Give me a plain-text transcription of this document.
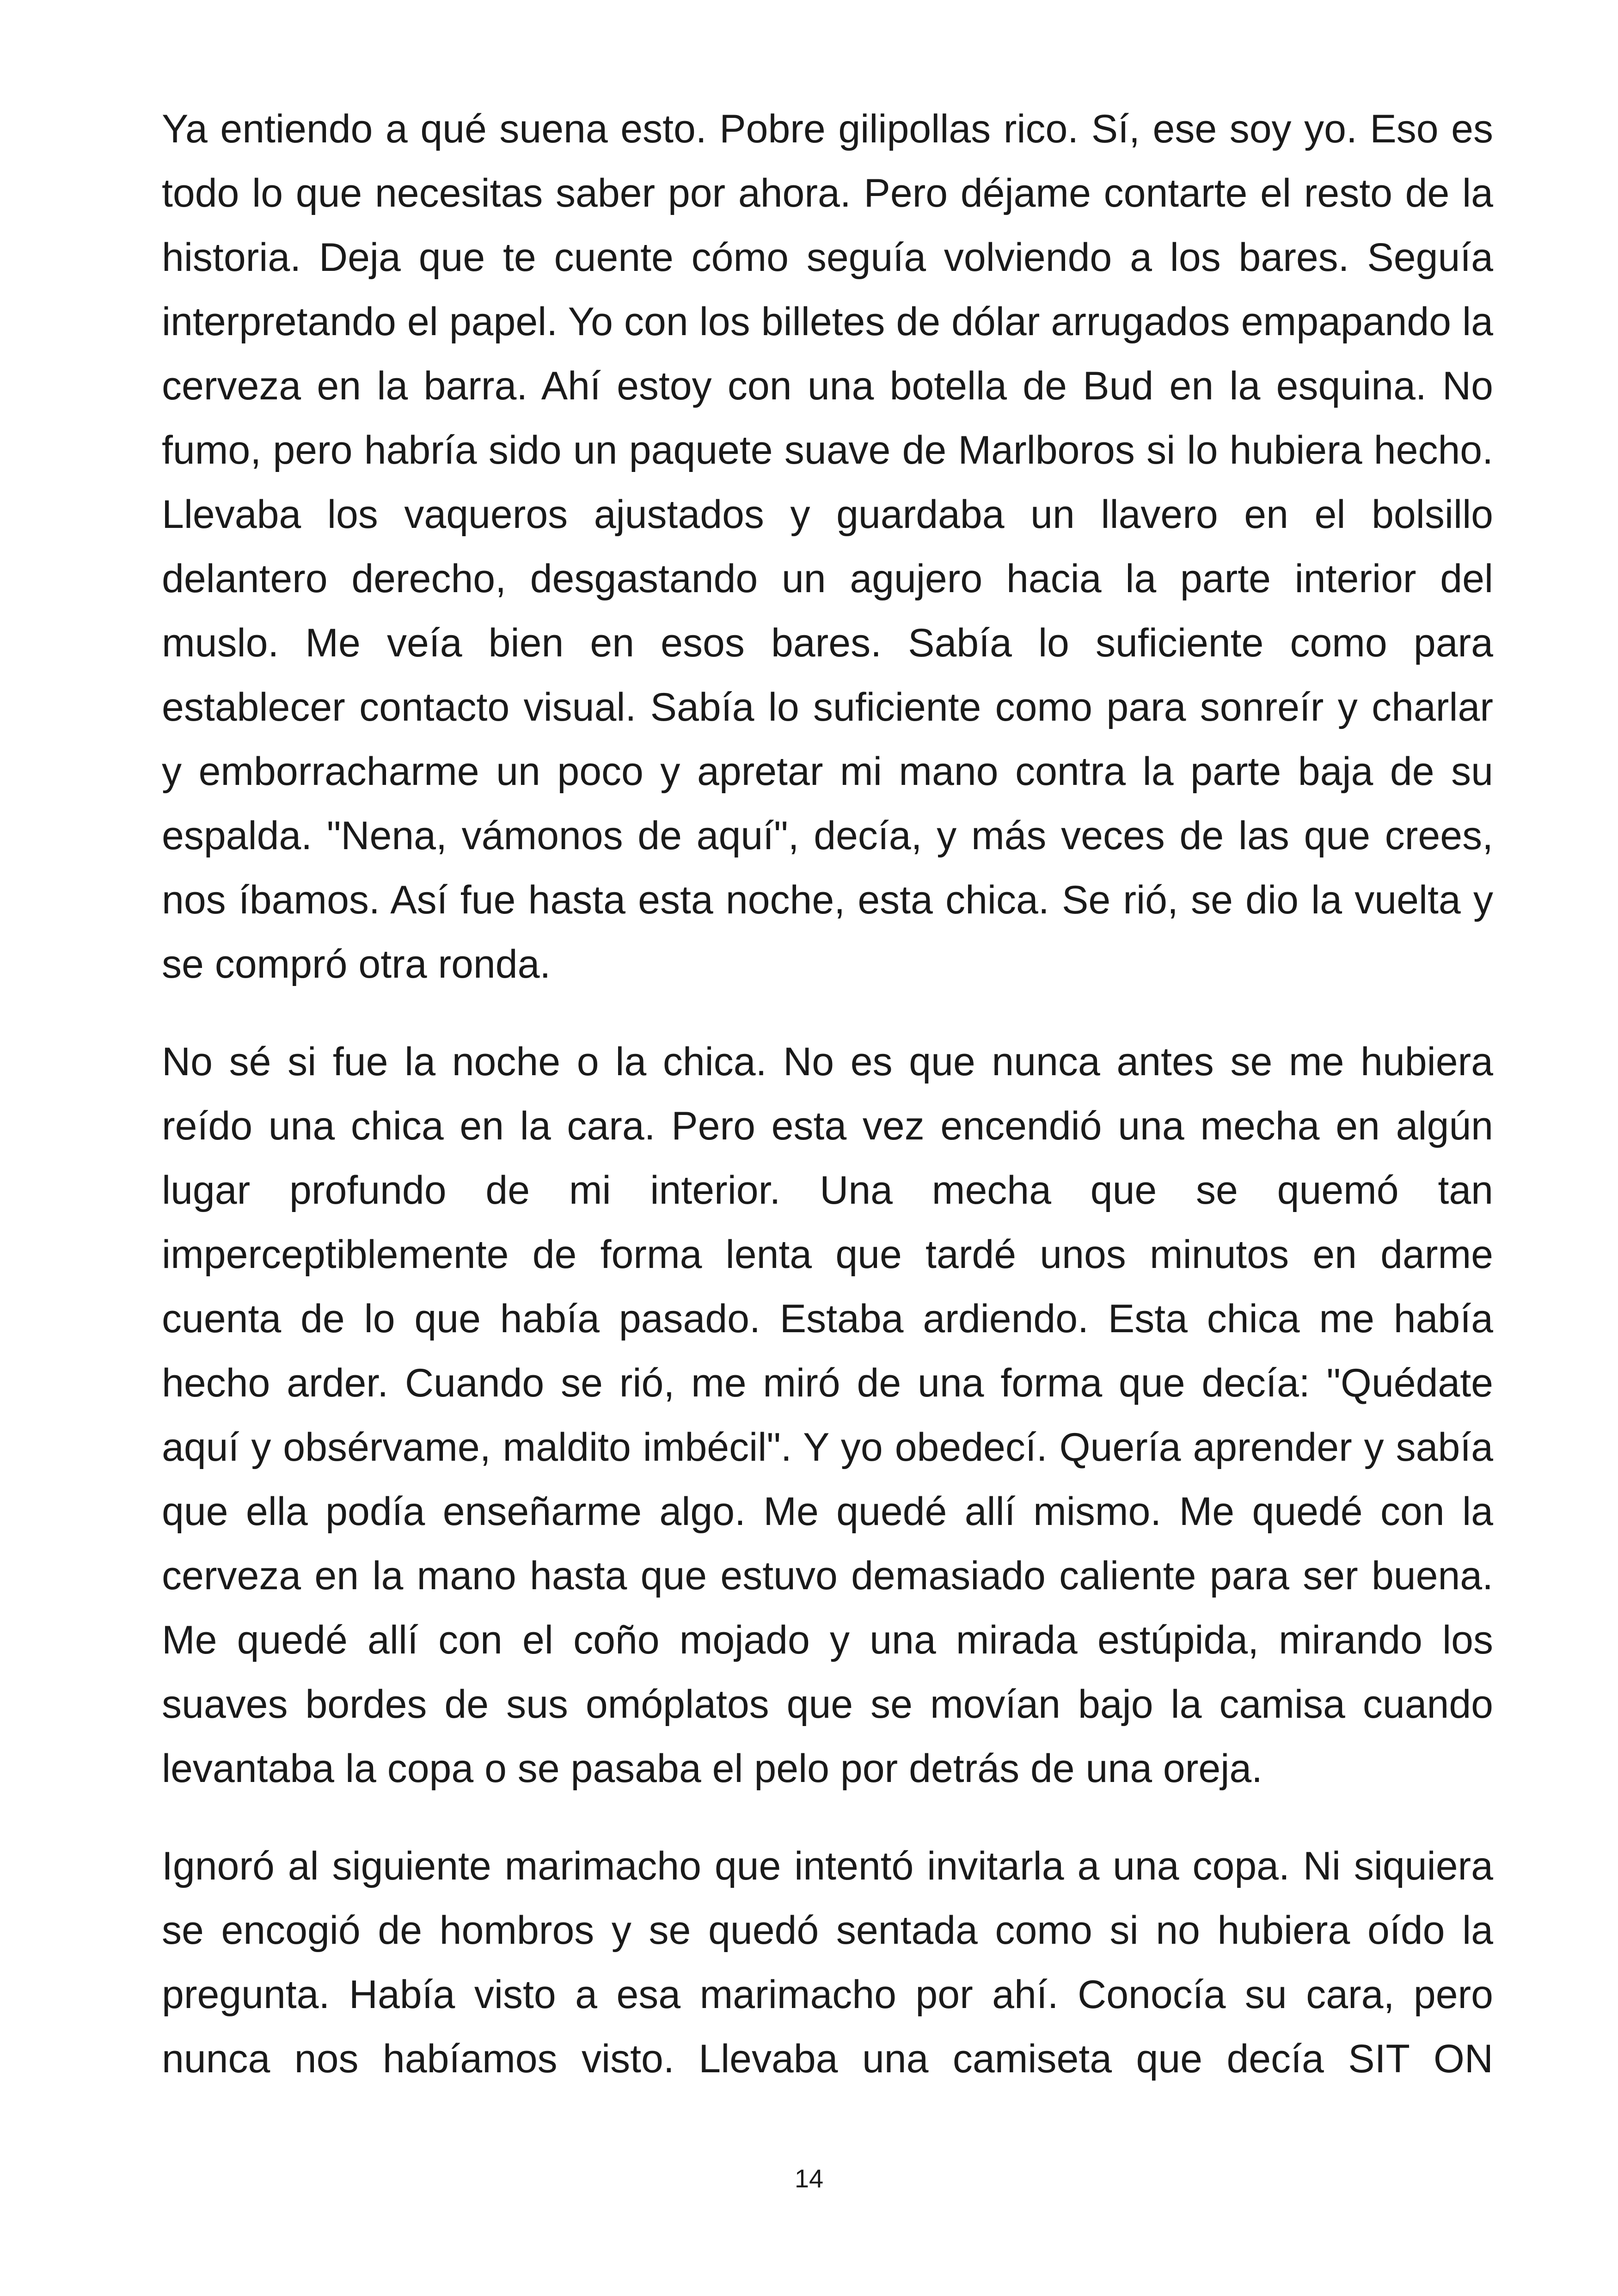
Ya entiendo a qué suena esto. Pobre gilipollas rico. Sí, ese soy yo. Eso es todo lo que necesitas saber por ahora. Pero déjame contarte el resto de la historia. Deja que te cuente cómo seguía volviendo a los bares. Seguía interpretando el papel. Yo con los billetes de dólar arrugados empapando la cerveza en la barra. Ahí estoy con una botella de Bud en la esquina. No fumo, pero habría sido un paquete suave de Marlboros si lo hubiera hecho. Llevaba los vaqueros ajustados y guardaba un llavero en el bolsillo delantero derecho, desgastando un agujero hacia la parte interior del muslo. Me veía bien en esos bares. Sabía lo suficiente como para establecer contacto visual. Sabía lo suficiente como para sonreír y charlar y emborracharme un poco y apretar mi mano contra la parte baja de su espalda. "Nena, vámonos de aquí", decía, y más veces de las que crees, nos íbamos. Así fue hasta esta noche, esta chica. Se rió, se dio la vuelta y se compró otra ronda.

No sé si fue la noche o la chica. No es que nunca antes se me hubiera reído una chica en la cara. Pero esta vez encendió una mecha en algún lugar profundo de mi interior. Una mecha que se quemó tan imperceptiblemente de forma lenta que tardé unos minutos en darme cuenta de lo que había pasado. Estaba ardiendo. Esta chica me había hecho arder. Cuando se rió, me miró de una forma que decía: "Quédate aquí y obsérvame, maldito imbécil". Y yo obedecí. Quería aprender y sabía que ella podía enseñarme algo. Me quedé allí mismo. Me quedé con la cerveza en la mano hasta que estuvo demasiado caliente para ser buena. Me quedé allí con el coño mojado y una mirada estúpida, mirando los suaves bordes de sus omóplatos que se movían bajo la camisa cuando levantaba la copa o se pasaba el pelo por detrás de una oreja.

Ignoró al siguiente marimacho que intentó invitarla a una copa. Ni siquiera se encogió de hombros y se quedó sentada como si no hubiera oído la pregunta. Había visto a esa marimacho por ahí. Conocía su cara, pero nunca nos habíamos visto. Llevaba una camiseta que decía SIT ON

14
